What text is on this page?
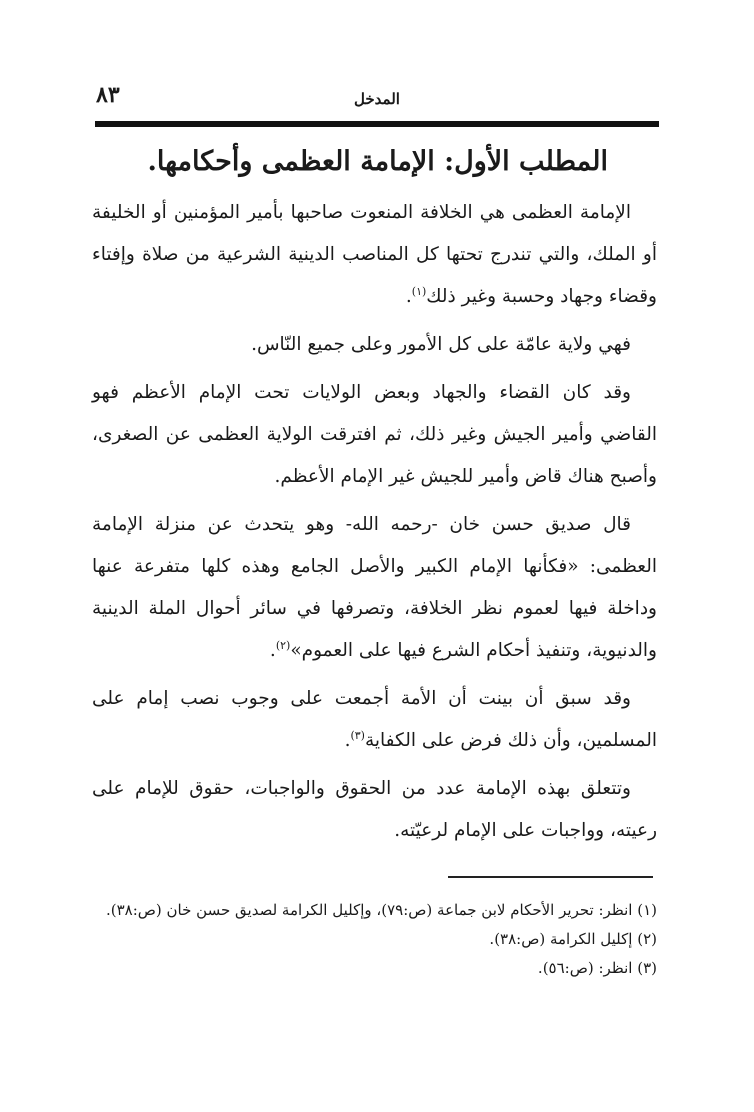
المدخل
٨٣
المطلب الأول: الإمامة العظمى وأحكامها.

الإمامة العظمى هي الخلافة المنعوت صاحبها بأمير المؤمنين أو الخليفة أو الملك، والتي تندرج تحتها كل المناصب الدينية الشرعية من صلاة وإفتاء وقضاء وجهاد وحسبة وغير ذلك$^{(١)}$.

فهي ولاية عامّة على كل الأمور وعلى جميع النّاس.

وقد كان القضاء والجهاد وبعض الولايات تحت الإمام الأعظم فهو القاضي وأمير الجيش وغير ذلك، ثم افترقت الولاية العظمى عن الصغرى، وأصبح هناك قاض وأمير للجيش غير الإمام الأعظم.

قال صديق حسن خان -رحمه الله- وهو يتحدث عن منزلة الإمامة العظمى: «فكأنها الإمام الكبير والأصل الجامع وهذه كلها متفرعة عنها وداخلة فيها لعموم نظر الخلافة، وتصرفها في سائر أحوال الملة الدينية والدنيوية، وتنفيذ أحكام الشرع فيها على العموم»$^{(٢)}$.

وقد سبق أن بينت أن الأمة أجمعت على وجوب نصب إمام على المسلمين، وأن ذلك فرض على الكفاية$^{(٣)}$.

وتتعلق بهذه الإمامة عدد من الحقوق والواجبات، حقوق للإمام على رعيته، وواجبات على الإمام لرعيّته.

(١) انظر: تحرير الأحكام لابن جماعة (ص:٧٩)، وإكليل الكرامة لصديق حسن خان (ص:٣٨).

(٢) إكليل الكرامة (ص:٣٨).

(٣) انظر: (ص:٥٦).
